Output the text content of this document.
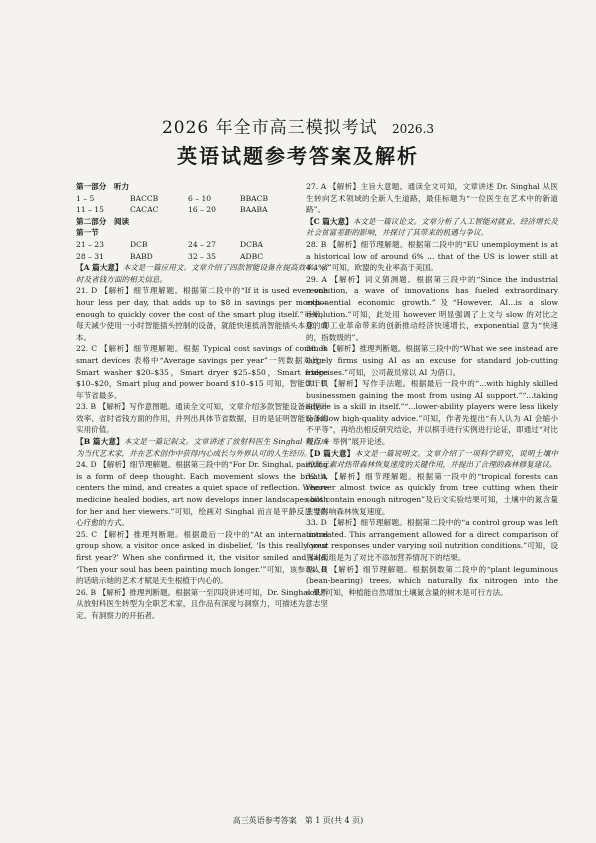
2026 年全市高三模拟考试 2026.3
英语试题参考答案及解析
第一部分　听力
1 – 5	BACCB	6 – 10	BBACB
11 – 15	CACAC	16 – 20	BAABA
第二部分　阅读
第一节
21 – 23	DCB	24 – 27	DCBA
28 – 31	BABD	32 – 35	ADBC

【A 篇大意】本文是一篇应用文。文章介绍了四款智能设备在提高效率、省时及省钱方面的相关信息。

21. D 【解析】细节理解题。根据第二段中的“If it is used even one hour less per day, that adds up to $8 in savings per month—enough to quickly cover the cost of the smart plug itself.”可知，每天减少使用一小时智能插头控制的设备，就能快速抵消智能插头本身的成本。

22. C 【解析】细节理解题。根据 Typical cost savings of common smart devices 表格中“Average savings per year”一列数据对比：Smart washer $20–$35，Smart dryer $25–$50，Smart fridge $10–$20，Smart plug and power board $10–$15 可知，智能烘干机年节省最多。

23. B 【解析】写作意图题。通读全文可知，文章介绍多款智能设备的提升效率、省时省钱方面的作用，并列出具体节省数据，目的是证明智能设备的实用价值。

【B 篇大意】本文是一篇记叙文。文章讲述了放射科医生 Singhal 转行成为当代艺术家，并在艺术创作中获得内心成长与外界认可的人生经历。

24. D 【解析】细节理解题。根据第三段中的“For Dr. Singhal, painting is a form of deep thought. Each movement slows the breath, centers the mind, and creates a quiet space of reflection. Where medicine healed bodies, art now develops inner landscapes both for her and her viewers.”可知，绘画对 Singhal 而言是平静反思与内心疗愈的方式。

25. C 【解析】推理判断题。根据最后一段中的“At an international group show, a visitor once asked in disbelief, ‘Is this really your first year?’ When she confirmed it, the visitor smiled and said, ‘Then your soul has been painting much longer.’”可知，该参观人员的话暗示她的艺术才赋是天生根植于内心的。

26. B 【解析】推理判断题。根据第一至四段讲述可知，Dr. Singhal 果断从放射科医生转型为全职艺术家，且作品有深度与洞察力，可描述为意志坚定、有洞察力的开拓者。

27. A 【解析】主旨大意题。通读全文可知，文章讲述 Dr. Singhal 从医生转向艺术领域的全新人生道路，最佳标题为“一位医生在艺术中的新道路”。

【C 篇大意】本文是一篇议论文。文章分析了人工智能对就业、经济增长及社会贫富差距的影响，并探讨了其带来的机遇与争议。

28. B 【解析】细节理解题。根据第二段中的“EU unemployment is at a historical low of around 6% ... that of the US is lower still at 4.4%.”可知，欧盟的失业率高于美国。

29. A 【解析】词义猜测题。根据第三段中的“Since the industrial revolution, a wave of innovations has fueled extraordinary exponential economic growth.”及“However, AI...is a slow revolution.”可知，此处用 however 明显强调了上文与 slow 的对比之意，即工业革命带来的创新推动经济快速增长，exponential 意为“快速的，指数级的”。

30. B 【解析】推理判断题。根据第三段中的“What we see instead are largely firms using AI as an excuse for standard job-cutting exercises.”可知，公司裁员常以 AI 为借口。

31. D 【解析】写作手法题。根据最后一段中的“...with highly skilled businessmen gaining the most from using AI support.”“...taking advice is a skill in itself.”“...lower-ability players were less likely to follow high-quality advice.”可知，作者先提出“有人认为 AI 会缩小不平等”，再给出相反研究结论，并以棋手进行实例进行论证，即通过“对比观点 + 举例”展开论述。

【D 篇大意】本文是一篇说明文。文章介绍了一项科学研究，说明土壤中的氮元素对热带森林恢复速度的关键作用，并提出了合理的森林修复建议。

32. A 【解析】细节理解题。根据第一段中的“tropical forests can recover almost twice as quickly from tree cutting when their soils contain enough nitrogen”及后文实验结果可知，土壤中的氮含量主要影响森林恢复速度。

33. D 【解析】细节理解题。根据第二段中的“a control group was left untreated. This arrangement allowed for a direct comparison of forest responses under varying soil nutrition conditions.”可知，设置对照组是为了对比不添加营养情况下的结果。

34. B 【解析】细节理解题。根据倒数第二段中的“plant leguminous (bean-bearing) trees, which naturally fix nitrogen into the soil.”可知，种植能自然增加土壤氮含量的树木是可行方法。

高三英语参考答案　第 1 页(共 4 页)
